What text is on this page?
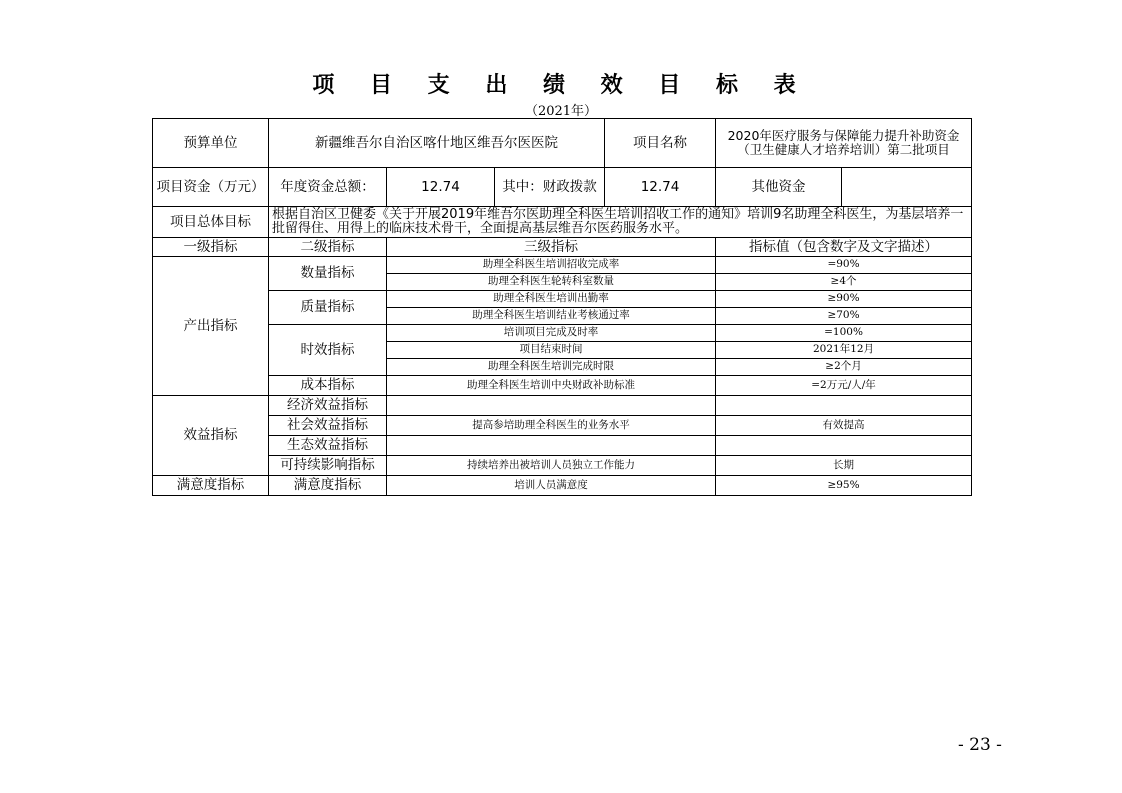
项 目 支 出 绩 效 目 标 表
（2021年）
预算单位	新疆维吾尔自治区喀什地区维吾尔医医院			项目名称	2020年医疗服务与保障能力提升补助资金（卫生健康人才培养培训）第二批项目	
项目资金（万元）	年度资金总额：	12.74	其中：财政拨款	12.74	其他资金	
项目总体目标	根据自治区卫健委《关于开展2019年维吾尔医助理全科医生培训招收工作的通知》培训9名助理全科医生，为基层培养一批留得住、用得上的临床技术骨干，全面提高基层维吾尔医药服务水平。					
一级指标	二级指标	三级指标			指标值（包含数字及文字描述）	
产出指标	数量指标	助理全科医生培训招收完成率			=90%	
		助理全科医生轮转科室数量			≥4个	
	质量指标	助理全科医生培训出勤率			≥90%	
		助理全科医生培训结业考核通过率			≥70%	
	时效指标	培训项目完成及时率			=100%	
		项目结束时间			2021年12月	
		助理全科医生培训完成时限			≥2个月	
	成本指标	助理全科医生培训中央财政补助标准			=2万元/人/年	
效益指标	经济效益指标					
	社会效益指标	提高参培助理全科医生的业务水平			有效提高	
	生态效益指标					
	可持续影响指标	持续培养出被培训人员独立工作能力			长期	
满意度指标	满意度指标	培训人员满意度			≥95%	
- 23 -
